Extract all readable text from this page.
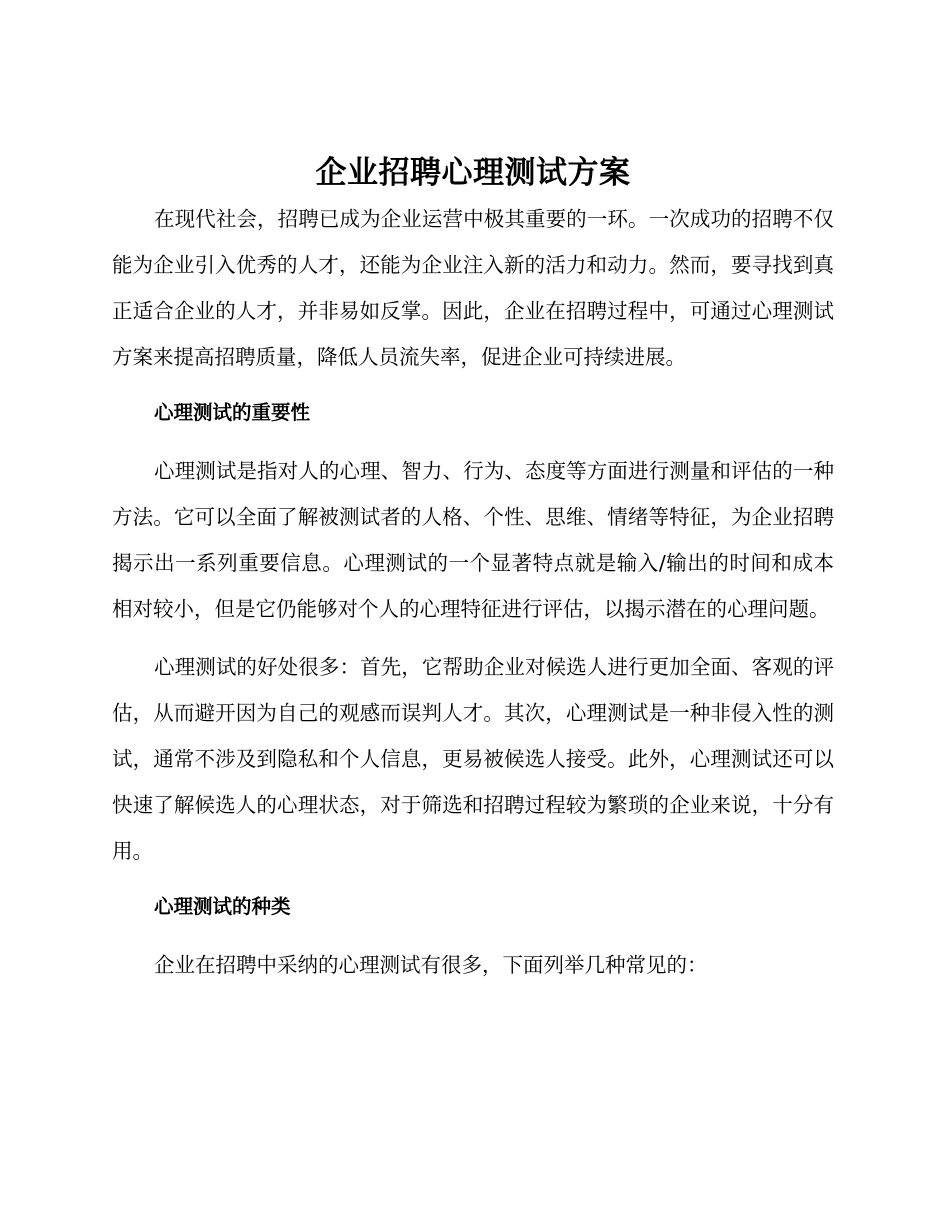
企业招聘心理测试方案

在现代社会，招聘已成为企业运营中极其重要的一环。一次成功的招聘不仅能为企业引入优秀的人才，还能为企业注入新的活力和动力。然而，要寻找到真正适合企业的人才，并非易如反掌。因此，企业在招聘过程中，可通过心理测试方案来提高招聘质量，降低人员流失率，促进企业可持续进展。

心理测试的重要性

心理测试是指对人的心理、智力、行为、态度等方面进行测量和评估的一种方法。它可以全面了解被测试者的人格、个性、思维、情绪等特征，为企业招聘揭示出一系列重要信息。心理测试的一个显著特点就是输入/输出的时间和成本相对较小，但是它仍能够对个人的心理特征进行评估，以揭示潜在的心理问题。

心理测试的好处很多：首先，它帮助企业对候选人进行更加全面、客观的评估，从而避开因为自己的观感而误判人才。其次，心理测试是一种非侵入性的测试，通常不涉及到隐私和个人信息，更易被候选人接受。此外，心理测试还可以快速了解候选人的心理状态，对于筛选和招聘过程较为繁琐的企业来说，十分有用。

心理测试的种类

企业在招聘中采纳的心理测试有很多，下面列举几种常见的：
